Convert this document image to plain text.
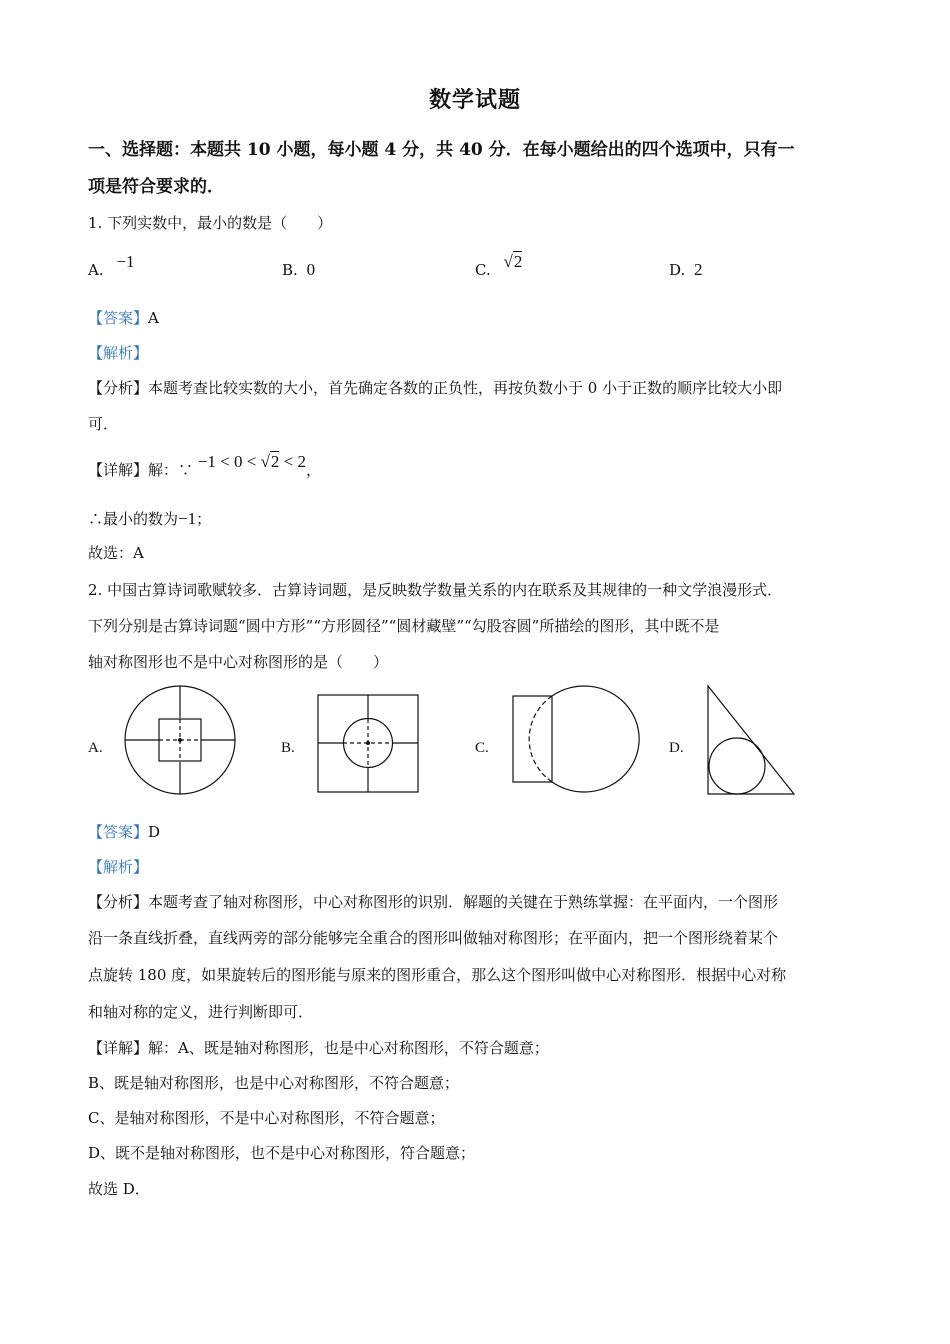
数学试题
一、选择题：本题共 10 小题，每小题 4 分，共 40 分．在每小题给出的四个选项中，只有一
项是符合要求的．
1. 下列实数中，最小的数是（　　）
A. −1	B. 0	C. √2	D. 2
【答案】A
【解析】
【分析】本题考查比较实数的大小，首先确定各数的正负性，再按负数小于 0 小于正数的顺序比较大小即
可．
【详解】解：∵ −1 < 0 < √2 < 2，
∴最小的数为−1；
故选：A
2. 中国古算诗词歌赋较多．古算诗词题，是反映数学数量关系的内在联系及其规律的一种文学浪漫形式．
下列分别是古算诗词题“圆中方形”“方形圆径”“圆材藏壁”“勾股容圆”所描绘的图形，其中既不是
轴对称图形也不是中心对称图形的是（　　）
A.	B.	C.	D.
【答案】D
【解析】
【分析】本题考查了轴对称图形，中心对称图形的识别．解题的关键在于熟练掌握：在平面内，一个图形
沿一条直线折叠，直线两旁的部分能够完全重合的图形叫做轴对称图形；在平面内，把一个图形绕着某个
点旋转 180 度，如果旋转后的图形能与原来的图形重合，那么这个图形叫做中心对称图形．根据中心对称
和轴对称的定义，进行判断即可．
【详解】解：A、既是轴对称图形，也是中心对称图形，不符合题意；
B、既是轴对称图形，也是中心对称图形，不符合题意；
C、是轴对称图形，不是中心对称图形，不符合题意；
D、既不是轴对称图形，也不是中心对称图形，符合题意；
故选 D．
